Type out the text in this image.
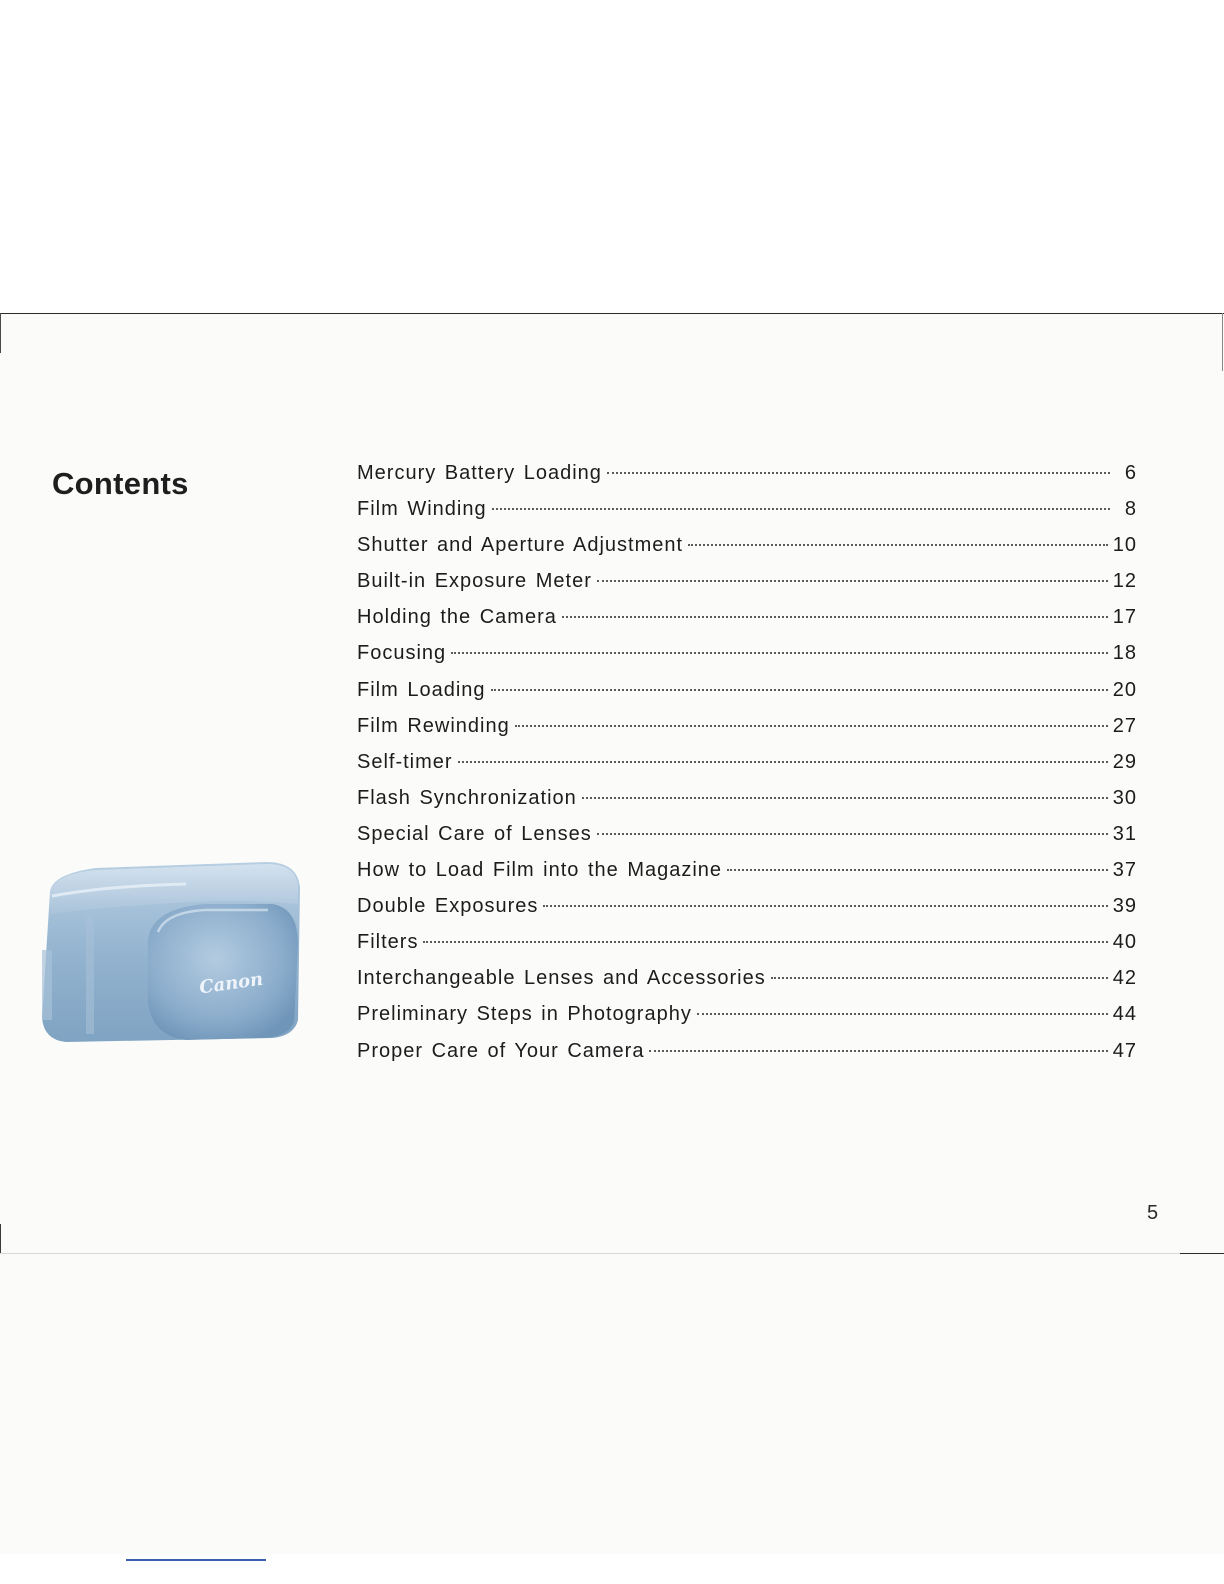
Contents	Mercury Battery Loading	6
Film Winding	8
Shutter and Aperture Adjustment	10
Built-in Exposure Meter	12
Holding the Camera	17
Focusing	18
Film Loading	20
Film Rewinding	27
Self-timer	29
Flash Synchronization	30
Special Care of Lenses	31
How to Load Film into the Magazine	37
Double Exposures	39
Filters	40
Interchangeable Lenses and Accessories	42
Preliminary Steps in Photography	44
Proper Care of Your Camera	47
Canon
5
